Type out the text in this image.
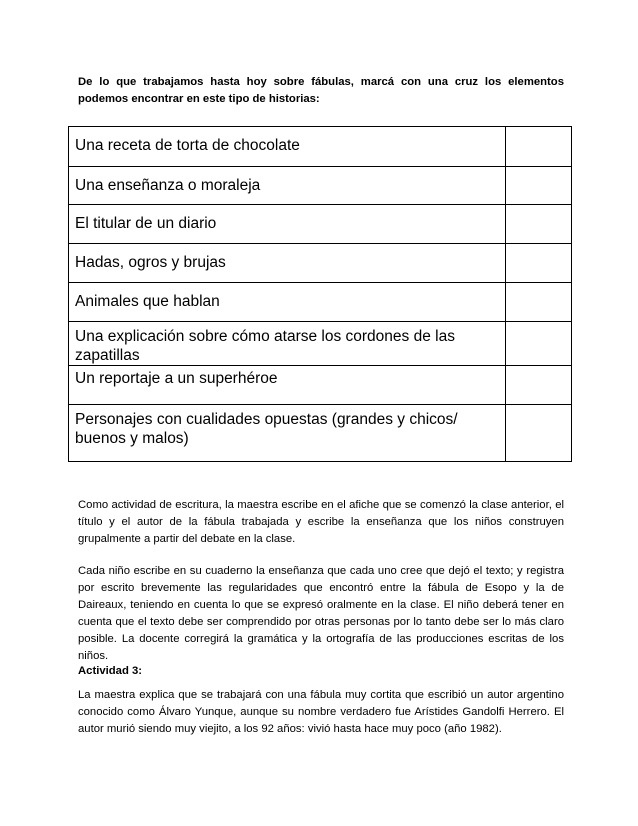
De lo que trabajamos hasta hoy sobre fábulas, marcá con una cruz los elementos podemos encontrar en este tipo de historias:

Una receta de torta de chocolate	

Una enseñanza o moraleja	

El titular de un diario	

Hadas, ogros y brujas	

Animales que hablan	

Una explicación sobre cómo atarse los cordones de las zapatillas	

Un reportaje a un superhéroe	

Personajes con cualidades opuestas (grandes y chicos/ buenos y malos)	

Como actividad de escritura, la maestra escribe en el afiche que se comenzó la clase anterior, el título y el autor de la fábula trabajada y escribe la enseñanza que los niños construyen grupalmente a partir del debate en la clase.

Cada niño escribe en su cuaderno la enseñanza que cada uno cree que dejó el texto; y registra por escrito brevemente las regularidades que encontró entre la fábula de Esopo y la de Daireaux, teniendo en cuenta lo que se expresó oralmente en la clase. El niño deberá tener en cuenta que el texto debe ser comprendido por otras personas por lo tanto debe ser lo más claro posible. La docente corregirá la gramática y la ortografía de las producciones escritas de los niños.

Actividad 3:

La maestra explica que se trabajará con una fábula muy cortita que escribió un autor argentino conocido como Álvaro Yunque, aunque su nombre verdadero fue Arístides Gandolfi Herrero. El autor murió siendo muy viejito, a los 92 años: vivió hasta hace muy poco (año 1982).
